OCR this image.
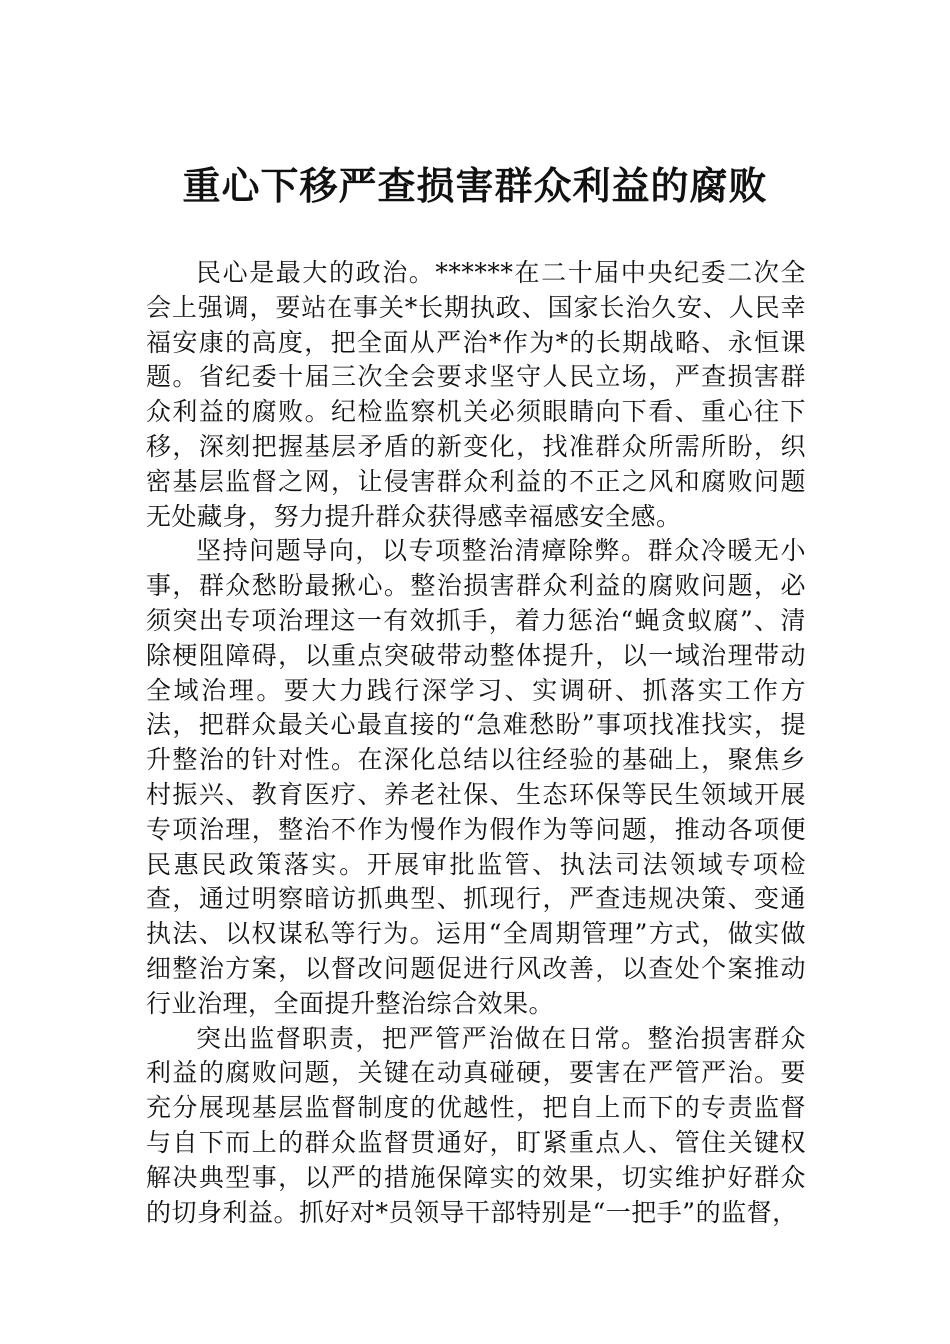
重心下移严查损害群众利益的腐败

民心是最大的政治。******在二十届中央纪委二次全会上强调，要站在事关*长期执政、国家长治久安、人民幸福安康的高度，把全面从严治*作为*的长期战略、永恒课题。省纪委十届三次全会要求坚守人民立场，严查损害群众利益的腐败。纪检监察机关必须眼睛向下看、重心往下移，深刻把握基层矛盾的新变化，找准群众所需所盼，织密基层监督之网，让侵害群众利益的不正之风和腐败问题无处藏身，努力提升群众获得感幸福感安全感。

坚持问题导向，以专项整治清瘴除弊。群众冷暖无小事，群众愁盼最揪心。整治损害群众利益的腐败问题，必须突出专项治理这一有效抓手，着力惩治“蝇贪蚁腐”、清除梗阻障碍，以重点突破带动整体提升，以一域治理带动全域治理。要大力践行深学习、实调研、抓落实工作方法，把群众最关心最直接的“急难愁盼”事项找准找实，提升整治的针对性。在深化总结以往经验的基础上，聚焦乡村振兴、教育医疗、养老社保、生态环保等民生领域开展专项治理，整治不作为慢作为假作为等问题，推动各项便民惠民政策落实。开展审批监管、执法司法领域专项检查，通过明察暗访抓典型、抓现行，严查违规决策、变通执法、以权谋私等行为。运用“全周期管理”方式，做实做细整治方案，以督改问题促进行风改善，以查处个案推动行业治理，全面提升整治综合效果。

突出监督职责，把严管严治做在日常。整治损害群众利益的腐败问题，关键在动真碰硬，要害在严管严治。要充分展现基层监督制度的优越性，把自上而下的专责监督与自下而上的群众监督贯通好，盯紧重点人、管住关键权解决典型事，以严的措施保障实的效果，切实维护好群众的切身利益。抓好对*员领导干部特别是“一把手”的监督，
